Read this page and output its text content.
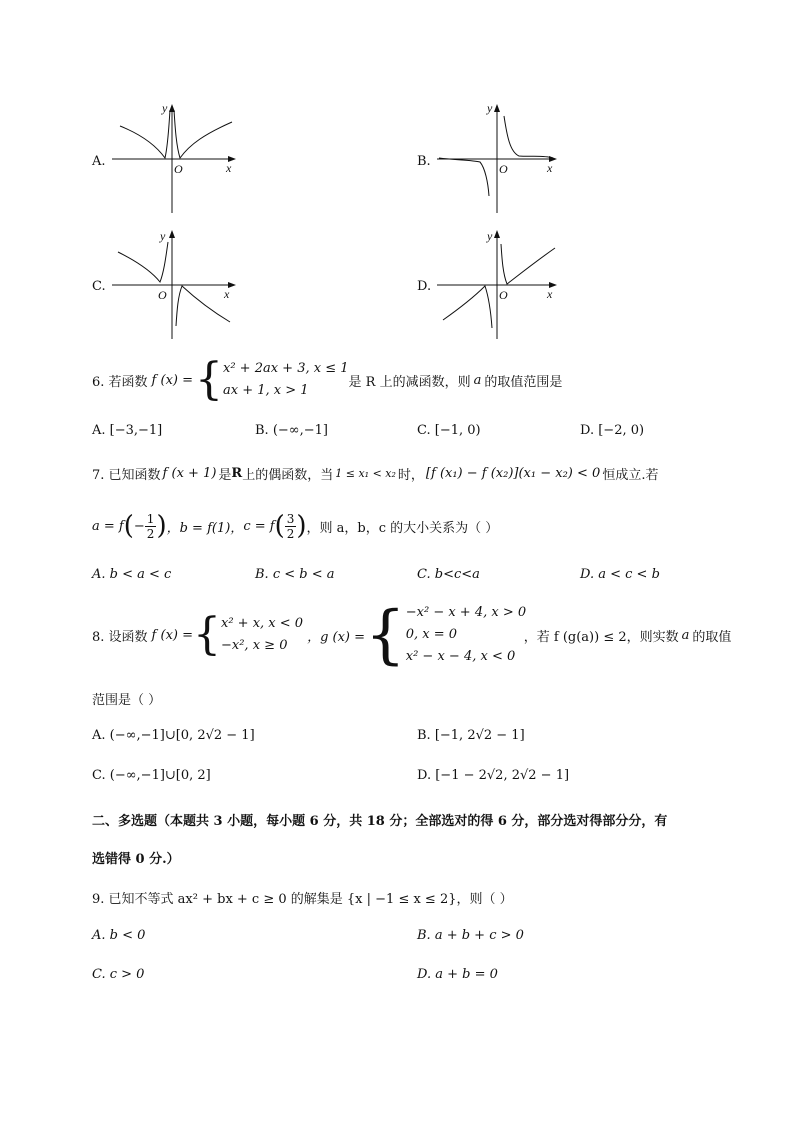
A.
y
O	x	B.
y
O	x
C.
y
O	x	D.
y
O	x
6. 若函数 f (x) = { x² + 2ax + 3, x ≤ 1
ax + 1, x > 1
是 R 上的减函数，则 a 的取值范围是
A. [−3,−1]	B. (−∞,−1]	C. [−1, 0)	D. [−2, 0)
7. 已知函数 f (x + 1) 是 R 上的偶函数，当 1 ≤ x₁ < x₂ 时， [f (x₁) − f (x₂)](x₁ − x₂) < 0 恒成立.若
a = f ( − $\frac{1}{2}$ ) ，b = f(1)， c = f ( $\frac{3}{2}$ ) ，则 a，b，c 的大小关系为（ ）
A. b < a < c	B. c < b < a	C. b<c<a	D. a < c < b
8. 设函数 f (x) = { x² + x, x < 0
−x², x ≥ 0
，g (x) = { −x² − x + 4, x > 0
0, x = 0
x² − x − 4, x < 0
，若 f (g(a)) ≤ 2，则实数 a 的取值
范围是（ ）
A. (−∞,−1]∪[0, 2√2 − 1]	B. [−1, 2√2 − 1]
C. (−∞,−1]∪[0, 2]	D. [−1 − 2√2, 2√2 − 1]
二、多选题（本题共 3 小题，每小题 6 分，共 18 分；全部选对的得 6 分，部分选对得部分分，有
选错得 0 分.）
9. 已知不等式 ax² + bx + c ≥ 0 的解集是 {x | −1 ≤ x ≤ 2}，则（ ）
A. b < 0	B. a + b + c > 0
C. c > 0	D. a + b = 0
